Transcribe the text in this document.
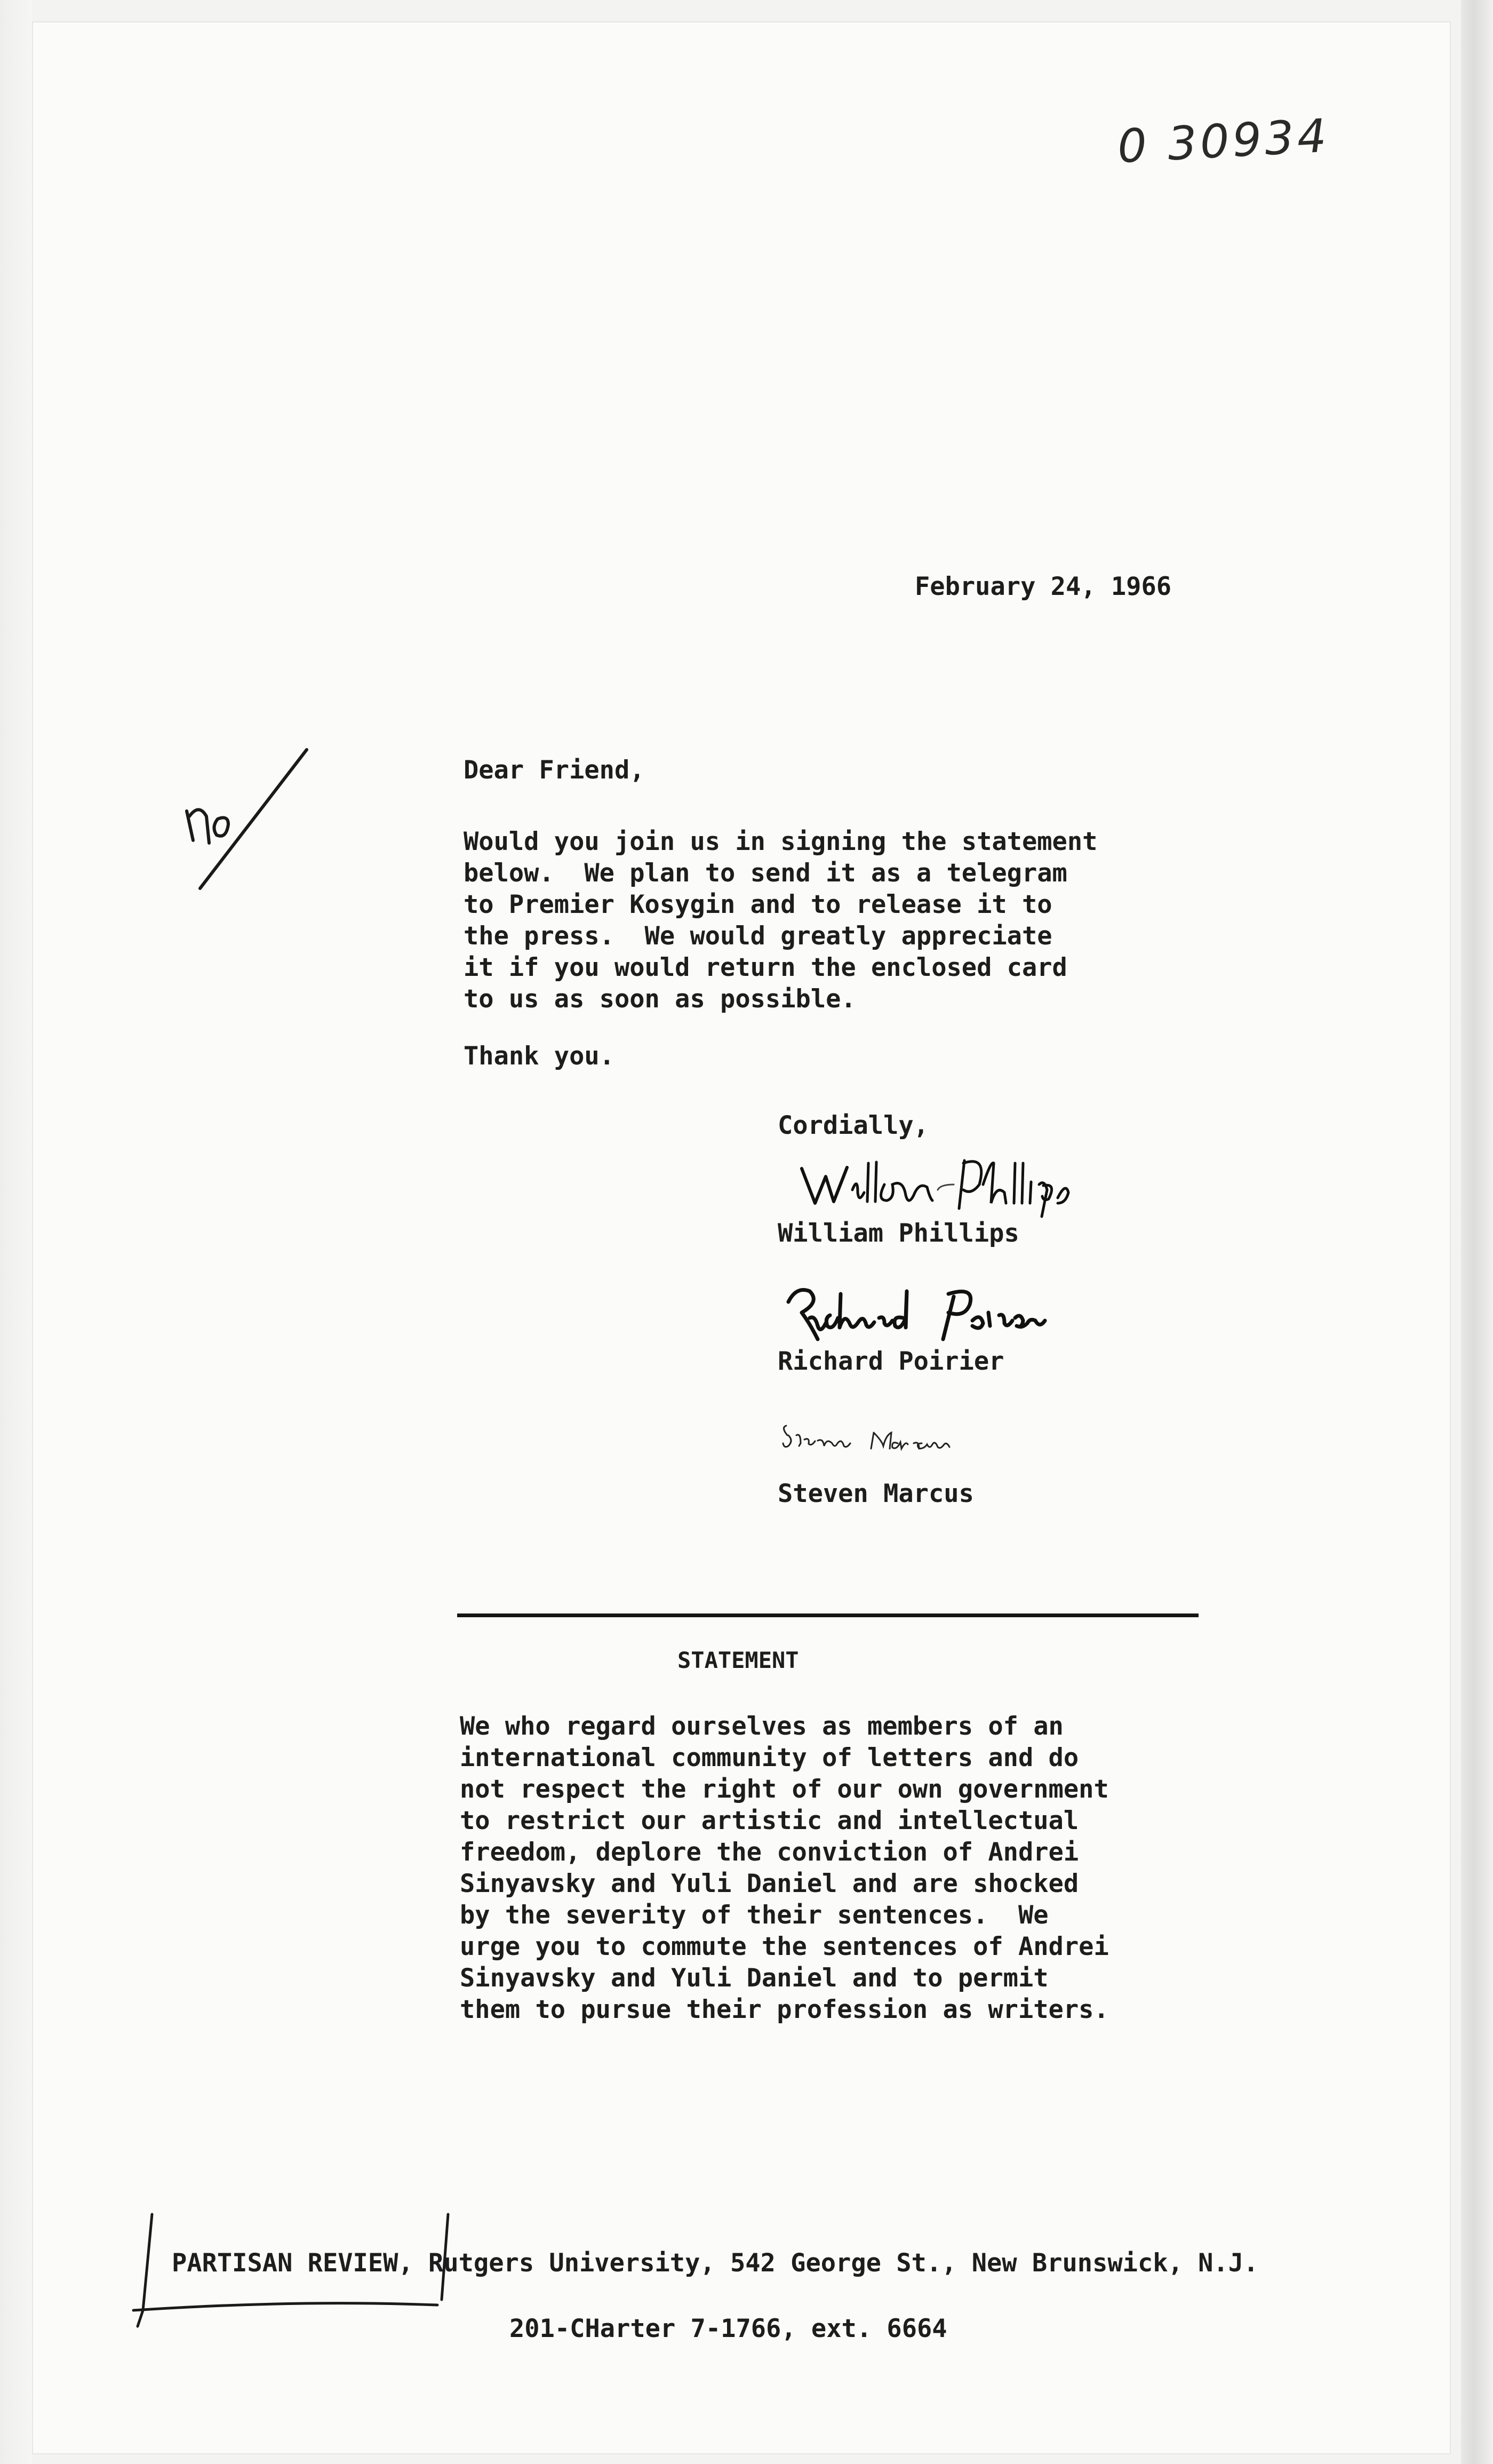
0 30934
February 24, 1966
Dear Friend,
Would you join us in signing the statement
below.  We plan to send it as a telegram
to Premier Kosygin and to release it to
the press.  We would greatly appreciate
it if you would return the enclosed card
to us as soon as possible.
Thank you.
Cordially,
William Phillips
Richard Poirier
Steven Marcus
STATEMENT
We who regard ourselves as members of an
international community of letters and do
not respect the right of our own government
to restrict our artistic and intellectual
freedom, deplore the conviction of Andrei
Sinyavsky and Yuli Daniel and are shocked
by the severity of their sentences.  We
urge you to commute the sentences of Andrei
Sinyavsky and Yuli Daniel and to permit
them to pursue their profession as writers.
PARTISAN REVIEW, Rutgers University, 542 George St., New Brunswick, N.J.
201-CHarter 7-1766, ext. 6664
